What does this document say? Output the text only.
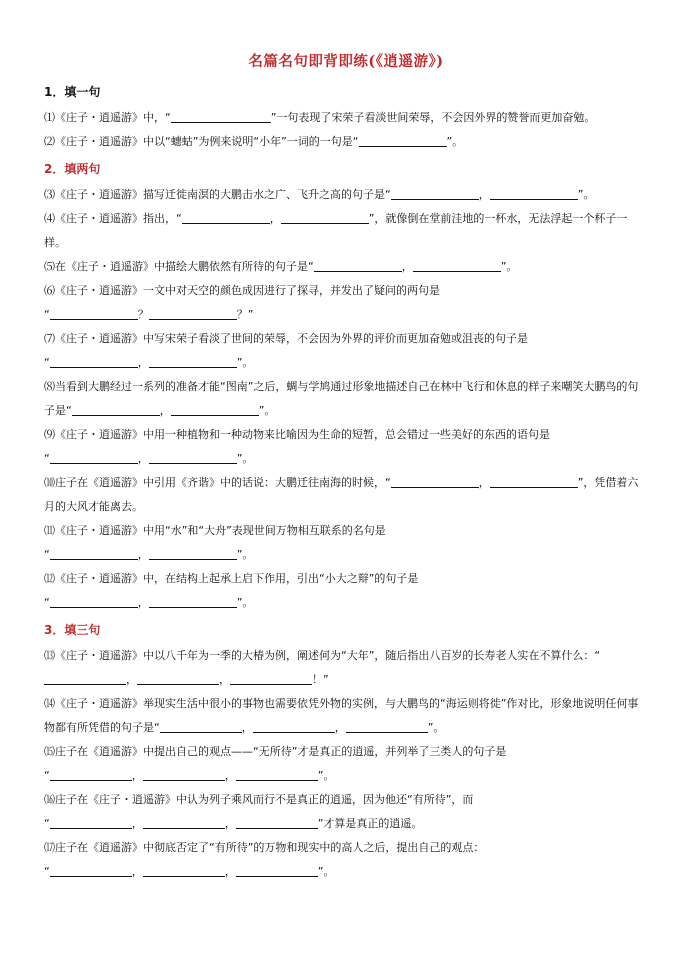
名篇名句即背即练(《逍遥游》)
1．填一句

⑴《庄子・逍遥游》中，“	”一句表现了宋荣子看淡世间荣辱，不会因外界的赞誉而更加奋勉。

⑵《庄子・逍遥游》中以“蟪蛄”为例来说明“小年”一词的一句是“	”。

2．填两句

⑶《庄子・逍遥游》描写迁徙南溟的大鹏击水之广、飞升之高的句子是“	，	”。

⑷《庄子・逍遥游》指出，“	，	”，就像倒在堂前洼地的一杯水，无法浮起一个杯子一样。

⑸在《庄子・逍遥游》中描绘大鹏依然有所待的句子是“	，	”。

⑹《庄子・逍遥游》一文中对天空的颜色成因进行了探寻，并发出了疑问的两句是

“	？	？”

⑺《庄子・逍遥游》中写宋荣子看淡了世间的荣辱，不会因为外界的评价而更加奋勉或沮丧的句子是

“	，	”。

⑻当看到大鹏经过一系列的准备才能“图南”之后，蜩与学鸠通过形象地描述自己在林中飞行和休息的样子来嘲笑大鹏鸟的句子是“	，	”。

⑼《庄子・逍遥游》中用一种植物和一种动物来比喻因为生命的短暂，总会错过一些美好的东西的语句是

“	，	”。

⑽庄子在《逍遥游》中引用《齐谐》中的话说：大鹏迁往南海的时候，“	，	”，凭借着六月的大风才能离去。

⑾《庄子・逍遥游》中用“水”和“大舟”表现世间万物相互联系的名句是

“	，	”。

⑿《庄子・逍遥游》中，在结构上起承上启下作用，引出“小大之辩”的句子是

“	，	”。

3．填三句

⒀《庄子・逍遥游》中以八千年为一季的大椿为例，阐述何为“大年”，随后指出八百岁的长寿老人实在不算什么：“，	，	！”

⒁《庄子・逍遥游》举现实生活中很小的事物也需要依凭外物的实例，与大鹏鸟的“海运则将徙”作对比，形象地说明任何事物都有所凭借的句子是“	，	，	”。

⒂庄子在《逍遥游》中提出自己的观点——“无所待”才是真正的逍遥，并列举了三类人的句子是

“	，	，	”。

⒃庄子在《庄子・逍遥游》中认为列子乘风而行不是真正的逍遥，因为他还“有所待”，而

“	，	，	”才算是真正的逍遥。

⒄庄子在《逍遥游》中彻底否定了“有所待”的万物和现实中的高人之后，提出自己的观点：

“	，	，	”。
